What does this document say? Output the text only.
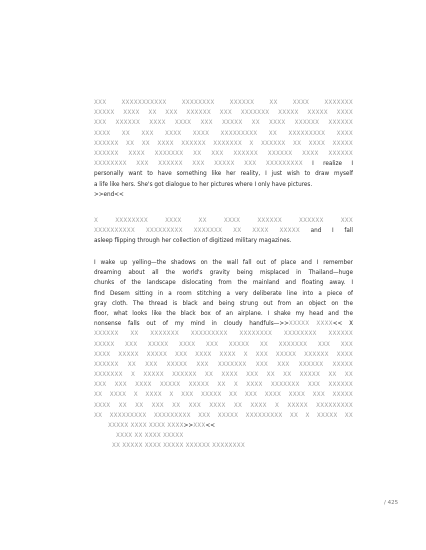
XXX XXXXXXXXXXX XXXXXXXX XXXXXX XX XXXX XXXXXXX
XXXXX XXXX XX XXX XXXXXX XXX XXXXXXX XXXXX XXXXX XXXX
XXX XXXXXX XXXX XXXX XXX XXXXX XX XXXX XXXXXX XXXXXX
XXXX XX XXX XXXX XXXX XXXXXXXXX XX XXXXXXXXX XXXX
XXXXXX XX XX XXXX XXXXXX XXXXXXX X XXXXXX XX XXXX XXXXX
XXXXXX XXXX XXXXXXX XX XXX XXXXXX XXXXXX XXXX XXXXXX
XXXXXXXX XXX XXXXXX XXX XXXXX XXX XXXXXXXXX I realize I
personally want to have something like her reality, I just wish to draw myself
a life like hers. She's got dialogue to her pictures where I only have pictures.
>>end<<
X XXXXXXXX XXXX XX XXXX XXXXXX XXXXXX XXX
XXXXXXXXXX XXXXXXXXX XXXXXXX XX XXXX XXXXX and I fall
asleep flipping through her collection of digitized military magazines.
I wake up yelling—the shadows on the wall fall out of place and I remember
dreaming about all the world's gravity being misplaced in Thailand—huge
chunks of the landscape dislocating from the mainland and floating away. I
find Desem sitting in a room stitching a very deliberate line into a piece of
gray cloth. The thread is black and being strung out from an object on the
floor, what looks like the black box of an airplane. I shake my head and the
nonsense falls out of my mind in cloudy handfuls—>>XXXXX XXXX<< X
XXXXXX XX XXXXXXX XXXXXXXXX XXXXXXXX XXXXXXXX XXXXXX
XXXXX XXX XXXXX XXXX XXX XXXXX XX XXXXXXX XXX XXX
XXXX XXXXX XXXXX XXX XXXX XXXX X XXX XXXXX XXXXXX XXXX
XXXXXX XX XXX XXXXX XXX XXXXXXX XXX XXX XXXXXX XXXXX
XXXXXXX X XXXXX XXXXXX XX XXXX XXX XX XX XXXXX XX XX
XXX XXX XXXX XXXXX XXXXX XX X XXXX XXXXXXX XXX XXXXXX
XX XXXX X XXXX X XXX XXXXX XX XXX XXXX XXXX XXX XXXXX
XXXX XX XX XXX XX XXX XXXX XX XXXX X XXXXX XXXXXXXXX
XX XXXXXXXXX XXXXXXXXX XXX XXXXX XXXXXXXXX XX X XXXXX XX
XXXXX XXXX XXXX XXXX>>XXX<<
XXXX XX XXXX XXXXX
XX XXXXX XXXX XXXXX XXXXXX XXXXXXXX
/ 425
